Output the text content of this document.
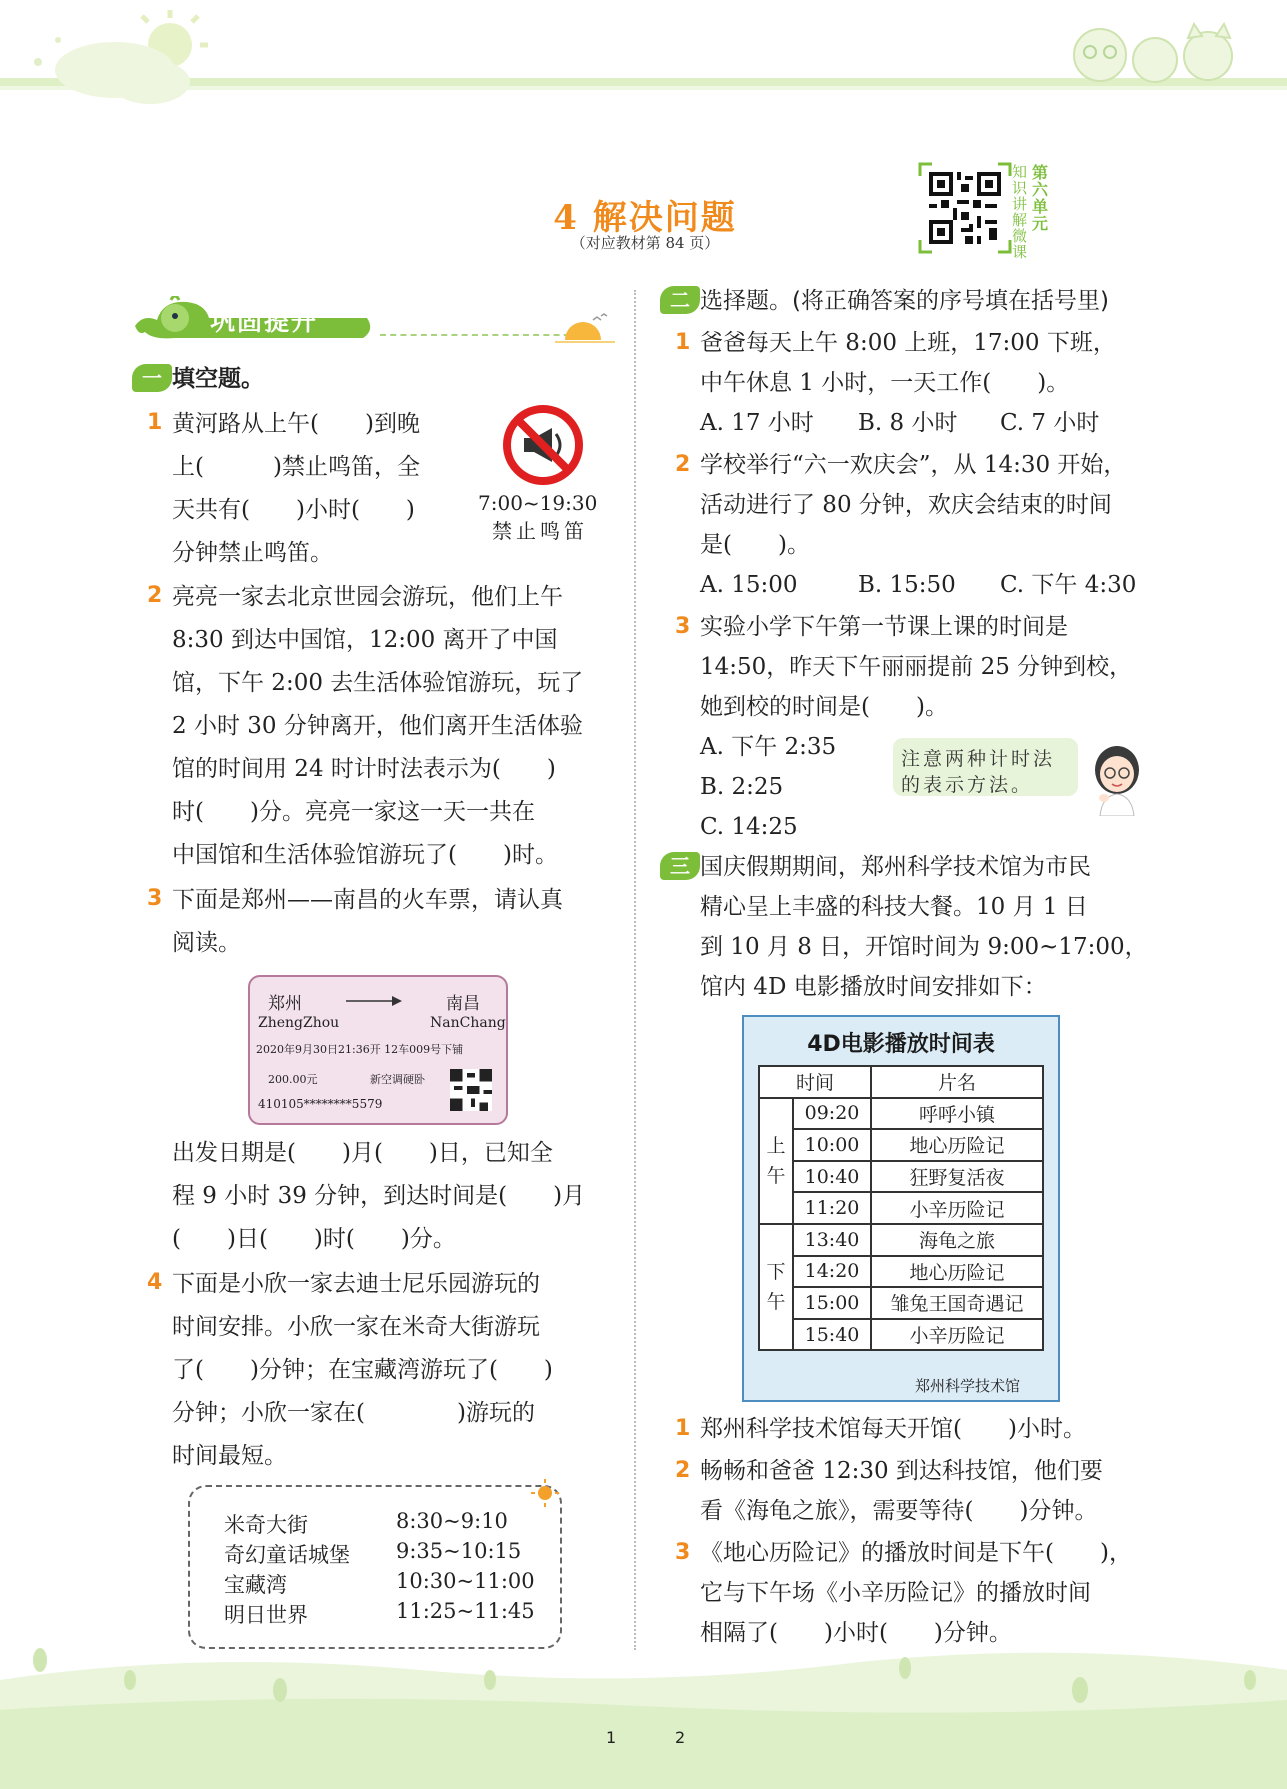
4 解决问题
（对应教材第 84 页）
第六单元
知识讲解微课
巩固提升
一 填空题。
1 黄河路从上午(　　)到晚
上(　　　)禁止鸣笛，全
天共有(　　)小时(　　)
分钟禁止鸣笛。
7:00~19:30
禁止鸣笛
2 亮亮一家去北京世园会游玩，他们上午
8:30 到达中国馆，12:00 离开了中国
馆，下午 2:00 去生活体验馆游玩，玩了
2 小时 30 分钟离开，他们离开生活体验
馆的时间用 24 时计时法表示为(　　)
时(　　)分。亮亮一家这一天一共在
中国馆和生活体验馆游玩了(　　)时。
3 下面是郑州——南昌的火车票，请认真
阅读。
郑州	南昌
ZhengZhou	NanChang
2020年9月30日21:36开 12车009号下铺
200.00元	新空调硬卧
410105********5579
出发日期是(　　)月(　　)日，已知全
程 9 小时 39 分钟，到达时间是(　　)月
(　　)日(　　)时(　　)分。
4 下面是小欣一家去迪士尼乐园游玩的
时间安排。小欣一家在米奇大街游玩
了(　　)分钟；在宝藏湾游玩了(　　)
分钟；小欣一家在(　　　　)游玩的
时间最短。
米奇大街	8:30~9:10
奇幻童话城堡 9:35~10:15
宝藏湾	10:30~11:00
明日世界	11:25~11:45
二 选择题。(将正确答案的序号填在括号里)
1 爸爸每天上午 8:00 上班，17:00 下班，
中午休息 1 小时，一天工作(　　)。
A. 17 小时 B. 8 小时 C. 7 小时
2 学校举行“六一欢庆会”，从 14:30 开始，
活动进行了 80 分钟，欢庆会结束的时间
是(　　)。
A. 15:00	B. 15:50 C. 下午 4:30
3 实验小学下午第一节课上课的时间是
14:50，昨天下午丽丽提前 25 分钟到校，
她到校的时间是(　　)。
A. 下午 2:35
B. 2:25
C. 14:25
注意两种计时法
的表示方法。
三 国庆假期期间，郑州科学技术馆为市民
精心呈上丰盛的科技大餐。10 月 1 日
到 10 月 8 日，开馆时间为 9:00~17:00，
馆内 4D 电影播放时间安排如下：
4D电影播放时间表
时间		片名
上
午	09:20	呼呼小镇
	10:00	地心历险记
	10:40	狂野复活夜
	11:20	小辛历险记
下
午	13:40	海龟之旅
	14:20	地心历险记
	15:00	雏兔王国奇遇记
	15:40	小辛历险记
郑州科学技术馆
1 郑州科学技术馆每天开馆(　　)小时。
2 畅畅和爸爸 12:30 到达科技馆，他们要
看《海龟之旅》，需要等待(　　)分钟。
3 《地心历险记》的播放时间是下午(　　)，
它与下午场《小辛历险记》的播放时间
相隔了(　　)小时(　　)分钟。
1	2
